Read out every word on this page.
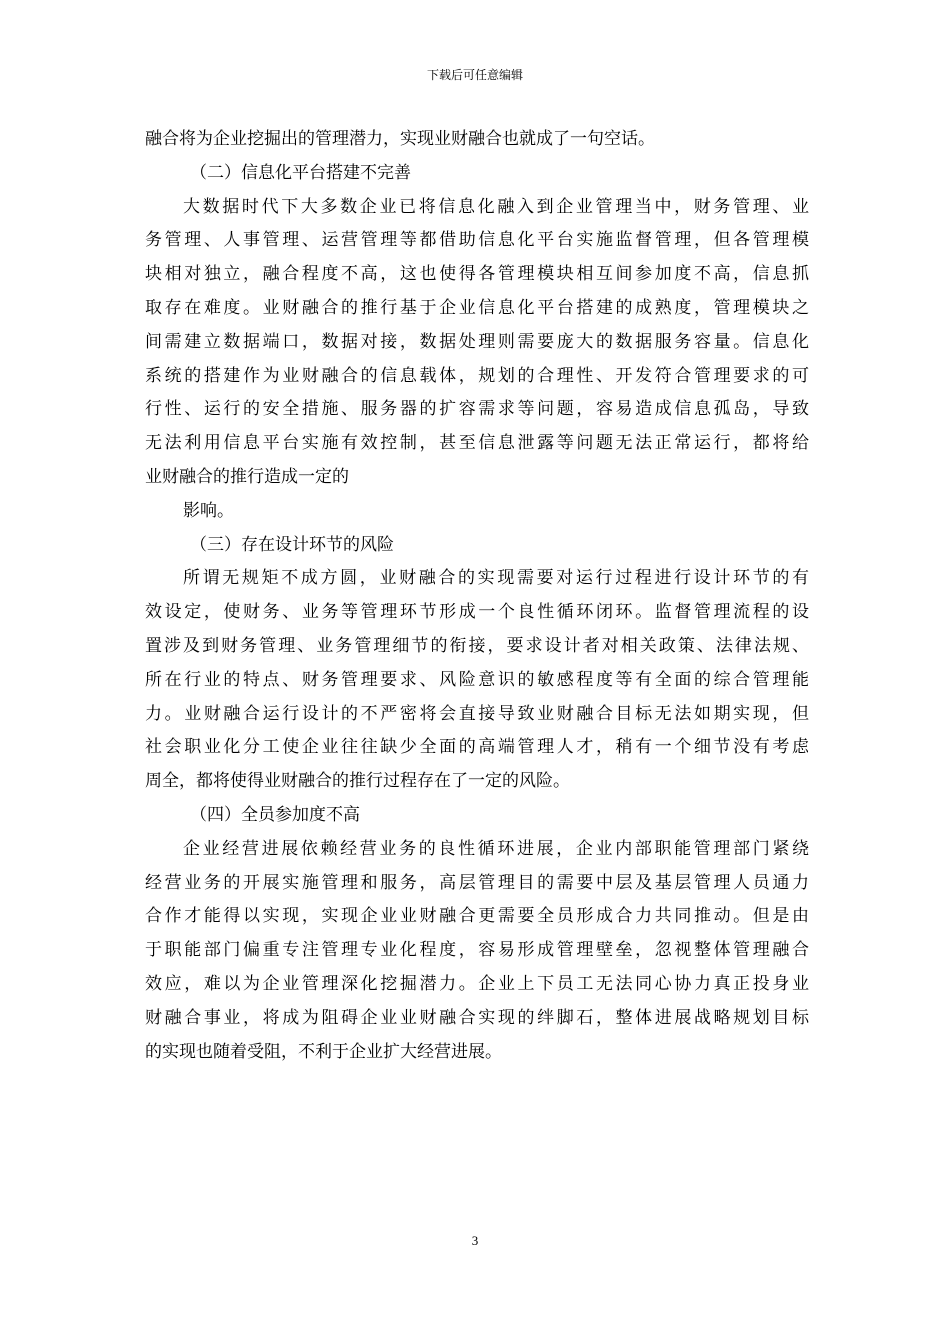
下载后可任意编辑
融合将为企业挖掘出的管理潜力，实现业财融合也就成了一句空话。
（二）信息化平台搭建不完善
大数据时代下大多数企业已将信息化融入到企业管理当中，财务管理、业
务管理、人事管理、运营管理等都借助信息化平台实施监督管理，但各管理模
块相对独立，融合程度不高，这也使得各管理模块相互间参加度不高，信息抓
取存在难度。业财融合的推行基于企业信息化平台搭建的成熟度，管理模块之
间需建立数据端口，数据对接，数据处理则需要庞大的数据服务容量。信息化
系统的搭建作为业财融合的信息载体，规划的合理性、开发符合管理要求的可
行性、运行的安全措施、服务器的扩容需求等问题，容易造成信息孤岛，导致
无法利用信息平台实施有效控制，甚至信息泄露等问题无法正常运行，都将给
业财融合的推行造成一定的
影响。
（三）存在设计环节的风险
所谓无规矩不成方圆，业财融合的实现需要对运行过程进行设计环节的有
效设定，使财务、业务等管理环节形成一个良性循环闭环。监督管理流程的设
置涉及到财务管理、业务管理细节的衔接，要求设计者对相关政策、法律法规、
所在行业的特点、财务管理要求、风险意识的敏感程度等有全面的综合管理能
力。业财融合运行设计的不严密将会直接导致业财融合目标无法如期实现，但
社会职业化分工使企业往往缺少全面的高端管理人才，稍有一个细节没有考虑
周全，都将使得业财融合的推行过程存在了一定的风险。
（四）全员参加度不高
企业经营进展依赖经营业务的良性循环进展，企业内部职能管理部门紧绕
经营业务的开展实施管理和服务，高层管理目的需要中层及基层管理人员通力
合作才能得以实现，实现企业业财融合更需要全员形成合力共同推动。但是由
于职能部门偏重专注管理专业化程度，容易形成管理壁垒，忽视整体管理融合
效应，难以为企业管理深化挖掘潜力。企业上下员工无法同心协力真正投身业
财融合事业，将成为阻碍企业业财融合实现的绊脚石，整体进展战略规划目标
的实现也随着受阻，不利于企业扩大经营进展。
3
